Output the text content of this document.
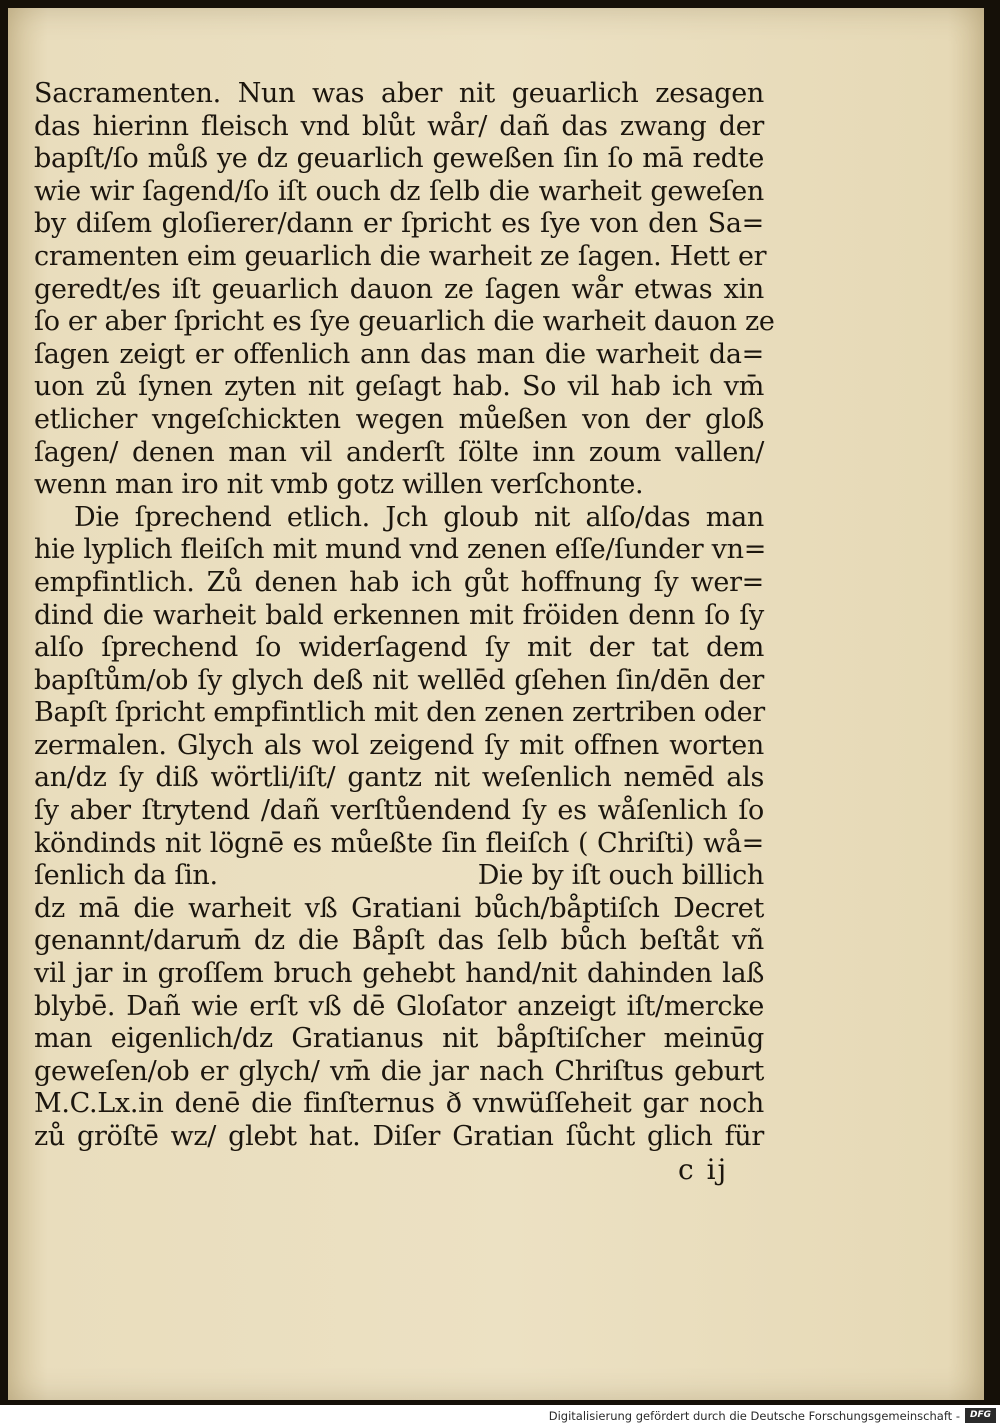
Sacramenten. Nun was aber nit geuarlich zesagen
das hierinn fleisch vnd blůt wår/ dañ das zwang der
bapſt/ſo můß ye dz geuarlich geweßen ſin ſo mā redte
wie wir ſagend/ſo iſt ouch dz ſelb die warheit geweſen
by diſem gloſierer/dann er ſpricht es ſye von den Sa=
cramenten eim geuarlich die warheit ze ſagen. Hett er
geredt/es iſt geuarlich dauon ze ſagen wår etwas xin
ſo er aber ſpricht es ſye geuarlich die warheit dauon ze
ſagen zeigt er offenlich ann das man die warheit da=
uon zů ſynen zyten nit geſagt hab. So vil hab ich vm̄
etlicher vngeſchickten wegen můeßen von der gloß
ſagen/ denen man vil anderſt ſölte inn zoum vallen/
wenn man iro nit vmb gotz willen verſchonte.
Die ſprechend etlich. Jch gloub nit alſo/das man
hie lyplich fleiſch mit mund vnd zenen eſſe/ſunder vn=
empfintlich. Zů denen hab ich gůt hoffnung ſy wer=
dind die warheit bald erkennen mit fröiden denn ſo ſy
alſo ſprechend ſo widerſagend ſy mit der tat dem
bapſtům/ob ſy glych deß nit wellēd gſehen ſin/dēn der
Bapſt ſpricht empfintlich mit den zenen zertriben oder
zermalen. Glych als wol zeigend ſy mit offnen worten
an/dz ſy diß wörtli/iſt/ gantz nit weſenlich nemēd als
ſy aber ſtrytend /dañ verſtůendend ſy es wåſenlich ſo
köndinds nit lögnē es můeßte ſin fleiſch ( Chriſti) wå=
ſenlich da ſin.	Die by iſt ouch billich
dz mā die warheit vß Gratiani bůch/båptiſch Decret
genannt/darum̄ dz die Båpſt das ſelb bůch beſtåt vñ
vil jar in groſſem bruch gehebt hand/nit dahinden laß
blybē. Dañ wie erſt vß dē Gloſator anzeigt iſt/mercke
man eigenlich/dz Gratianus nit båpſtiſcher meinūg
geweſen/ob er glych/ vm̄ die jar nach Chriſtus geburt
M.C.Lx.in denē die finſternus ð vnwüſſeheit gar noch
zů gröſtē wz/ glebt hat. Diſer Gratian ſůcht glich für
c ij
Digitalisierung gefördert durch die Deutsche Forschungsgemeinschaft -	DFG
